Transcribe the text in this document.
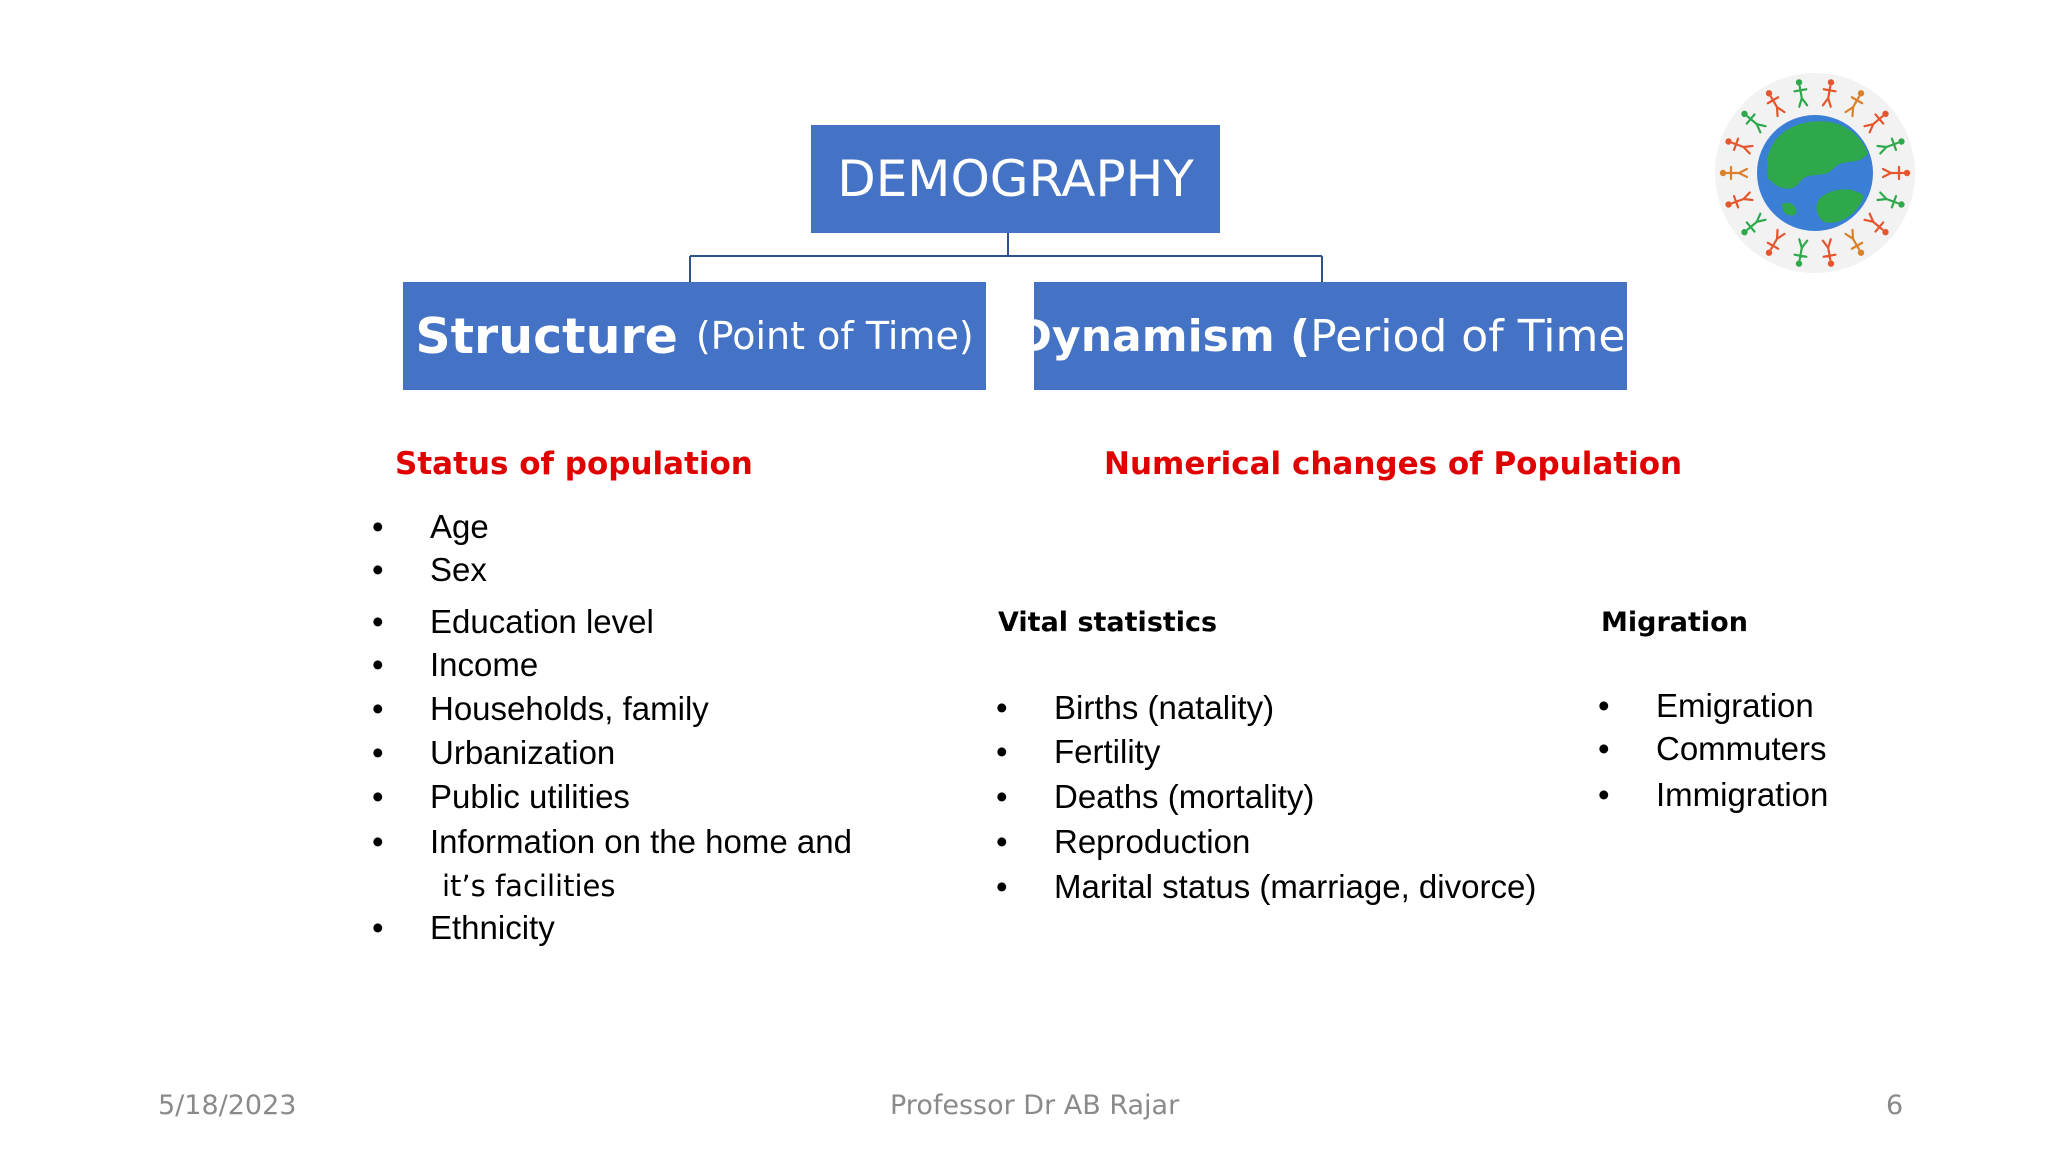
DEMOGRAPHY
Structure (Point of Time) Dynamism ( Period of Time )
Status of population	Numerical changes of Population
• Age
• Sex
• Education level
• Income
• Households, family
• Urbanization
• Public utilities
• Information on the home and
• Ethnicity
it’s facilities
Vital statistics
• Births (natality)
• Fertility
• Deaths (mortality)
• Reproduction
• Marital status (marriage, divorce)
Migration
• Emigration
• Commuters
• Immigration
5/18/2023	Professor Dr AB Rajar	6
